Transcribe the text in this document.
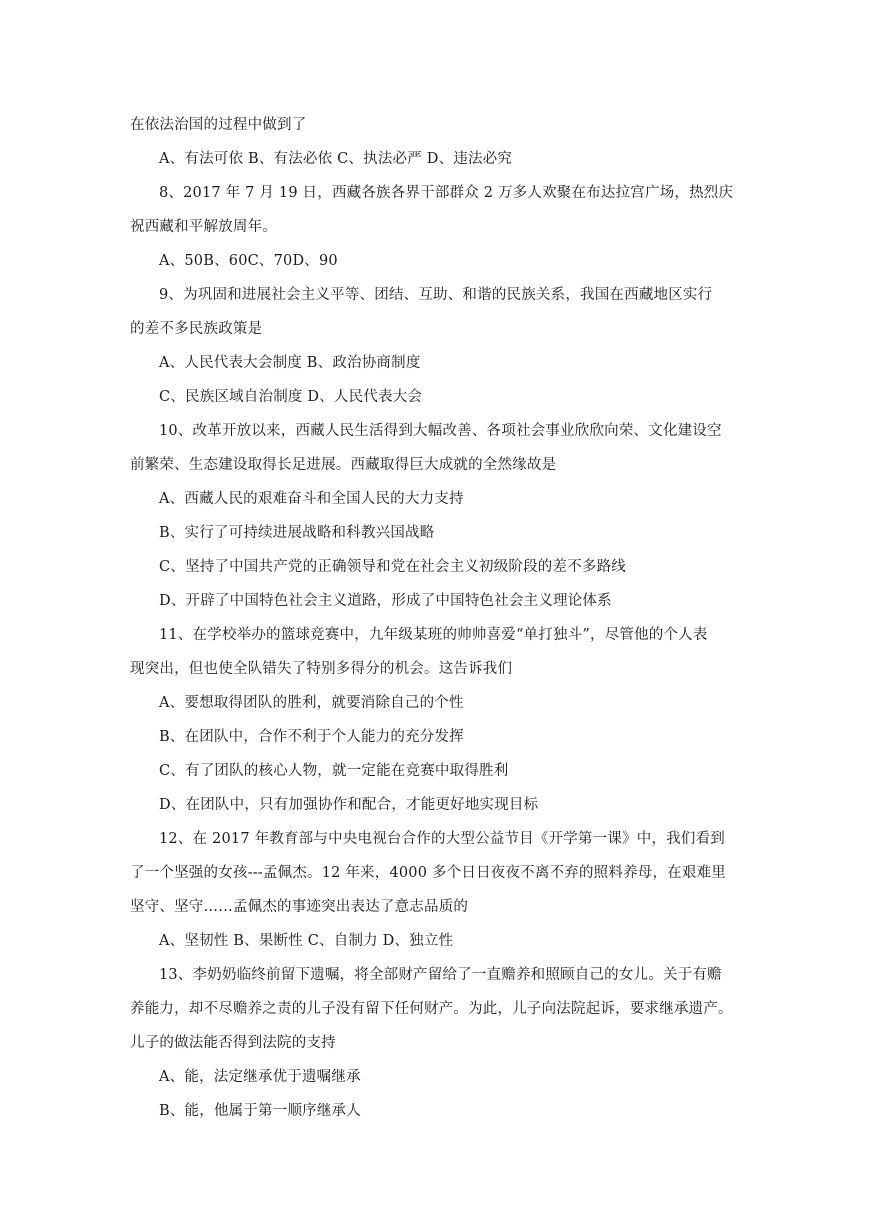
在依法治国的过程中做到了
A、有法可依 B、有法必依 C、执法必严 D、违法必究
8、2017 年 7 月 19 日，西藏各族各界干部群众 2 万多人欢聚在布达拉宫广场，热烈庆
祝西藏和平解放周年。
A、50B、60C、70D、90
9、为巩固和进展社会主义平等、团结、互助、和谐的民族关系，我国在西藏地区实行
的差不多民族政策是
A、人民代表大会制度 B、政治协商制度
C、民族区域自治制度 D、人民代表大会
10、改革开放以来，西藏人民生活得到大幅改善、各项社会事业欣欣向荣、文化建设空
前繁荣、生态建设取得长足进展。西藏取得巨大成就的全然缘故是
A、西藏人民的艰难奋斗和全国人民的大力支持
B、实行了可持续进展战略和科教兴国战略
C、坚持了中国共产党的正确领导和党在社会主义初级阶段的差不多路线
D、开辟了中国特色社会主义道路，形成了中国特色社会主义理论体系
11、在学校举办的篮球竞赛中，九年级某班的帅帅喜爱“单打独斗”，尽管他的个人表
现突出，但也使全队错失了特别多得分的机会。这告诉我们
A、要想取得团队的胜利，就要消除自己的个性
B、在团队中，合作不利于个人能力的充分发挥
C、有了团队的核心人物，就一定能在竞赛中取得胜利
D、在团队中，只有加强协作和配合，才能更好地实现目标
12、在 2017 年教育部与中央电视台合作的大型公益节目《开学第一课》中，我们看到
了一个坚强的女孩---孟佩杰。12 年来，4000 多个日日夜夜不离不弃的照料养母，在艰难里
坚守、坚守……孟佩杰的事迹突出表达了意志品质的
A、坚韧性 B、果断性 C、自制力 D、独立性
13、李奶奶临终前留下遗嘱，将全部财产留给了一直赡养和照顾自己的女儿。关于有赡
养能力，却不尽赡养之责的儿子没有留下任何财产。为此，儿子向法院起诉，要求继承遗产。
儿子的做法能否得到法院的支持
A、能，法定继承优于遗嘱继承
B、能，他属于第一顺序继承人
